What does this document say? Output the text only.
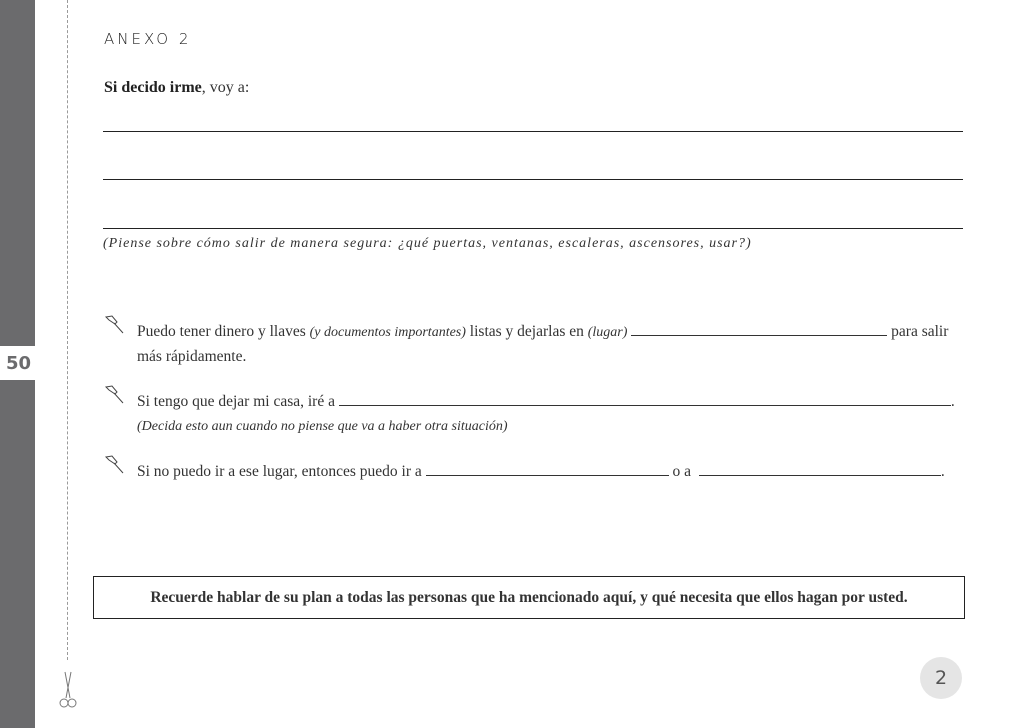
50
ANEXO 2
Si decido irme, voy a:
(Piense sobre cómo salir de manera segura: ¿qué puertas, ventanas, escaleras, ascensores, usar?)
Puedo tener dinero y llaves (y documentos importantes) listas y dejarlas en (lugar)	para salir
más rápidamente.
Si tengo que dejar mi casa, iré a	.
(Decida esto aun cuando no piense que va a haber otra situación)
Si no puedo ir a ese lugar, entonces puedo ir a	o a	.
Recuerde hablar de su plan a todas las personas que ha mencionado aquí, y qué necesita que ellos hagan por usted.
2
